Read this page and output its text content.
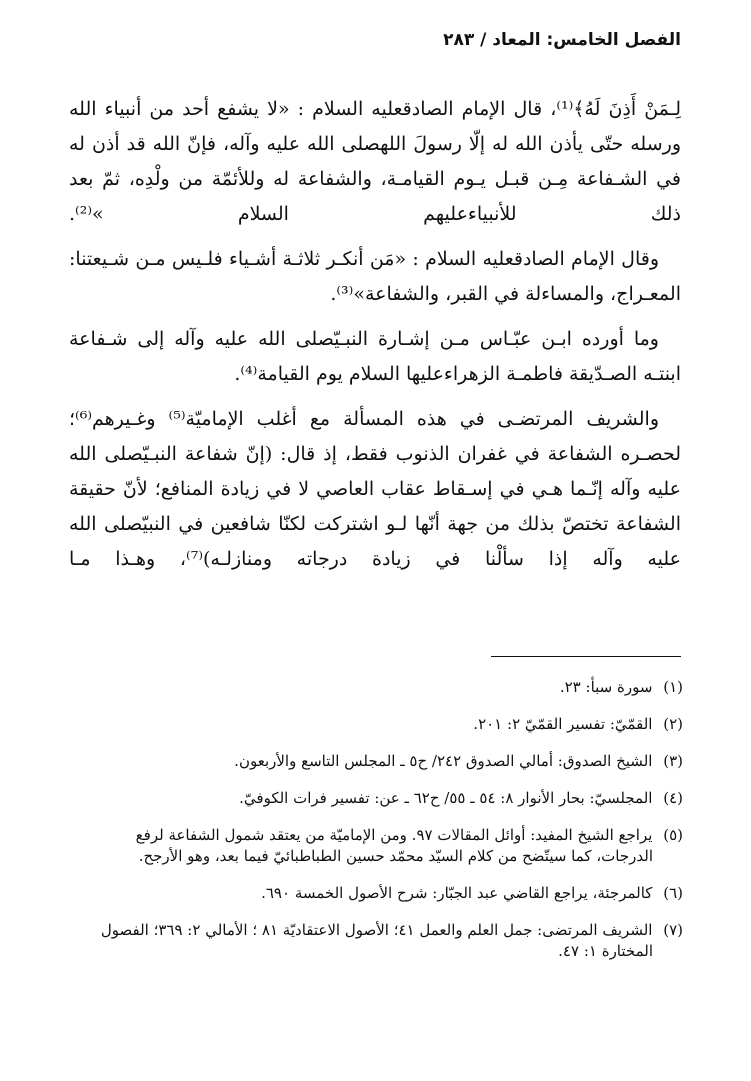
الفصل الخامس: المعاد / ٢٨٣

لِـمَنْ أَذِنَ لَهُ﴾⁽¹⁾، قال الإمام الصادقعليه السلام : «لا يشفع أحد من أنبياء الله ورسله حتّى يأذن الله له إلّا رسولَ اللهصلى الله عليه وآله، فإنّ الله قد أذن له في الشـفاعة مِـن قبـل يـوم القيامـة، والشفاعة له وللأئمّة من ولْدِه، ثمّ بعد ذلك للأنبياءعليهم السلام »⁽²⁾.

وقال الإمام الصادقعليه السلام : «مَن أنكـر ثلاثـة أشـياء فلـيس مـن شـيعتنا: المعـراج، والمساءلة في القبر، والشفاعة»⁽³⁾.

وما أورده ابـن عبّـاس مـن إشـارة النبـيّصلى الله عليه وآله إلى شـفاعة ابنتـه الصـدّيقة فاطمـة الزهراءعليها السلام يوم القيامة⁽⁴⁾.

والشريف المرتضـى في هذه المسألة مع أغلب الإماميّة⁽⁵⁾ وغـيرهم⁽⁶⁾؛ لحصـره الشفاعة في غفران الذنوب فقط، إذ قال: (إنّ شفاعة النبـيّصلى الله عليه وآله إنّـما هـي في إسـقاط عقاب العاصي لا في زيادة المنافع؛ لأنّ حقيقة الشفاعة تختصّ بذلك من جهة أنّها لـو اشتركت لكنّا شافعين في النبيّصلى الله عليه وآله إذا سألْنا في زيادة درجاته ومنازلـه)⁽⁷⁾، وهـذا مـا

(١) سورة سبأ: ٢٣.
(٢) القمّيّ: تفسير القمّيّ ٢: ٢٠١.
(٣) الشيخ الصدوق: أمالي الصدوق ٢٤٢/ ح٥ ـ المجلس التاسع والأربعون.
(٤) المجلسيّ: بحار الأنوار ٨: ٥٤ ـ ٥٥/ ح٦٢ ـ عن: تفسير فرات الكوفيّ.
(٥) يراجع الشيخ المفيد: أوائل المقالات ٩٧. ومن الإماميّة من يعتقد شمول الشفاعة لرفع
الدرجات، كما سيتّضح من كلام السيّد محمّد حسين الطباطبائيّ فيما بعد، وهو الأرجح.
(٦) كالمرجئة، يراجع القاضي عبد الجبّار: شرح الأصول الخمسة ٦٩٠.
(٧) الشريف المرتضى: جمل العلم والعمل ٤١؛ الأصول الاعتقاديّة ٨١ ؛ الأمالي ٢: ٣٦٩؛ الفصول
المختارة ١: ٤٧.
